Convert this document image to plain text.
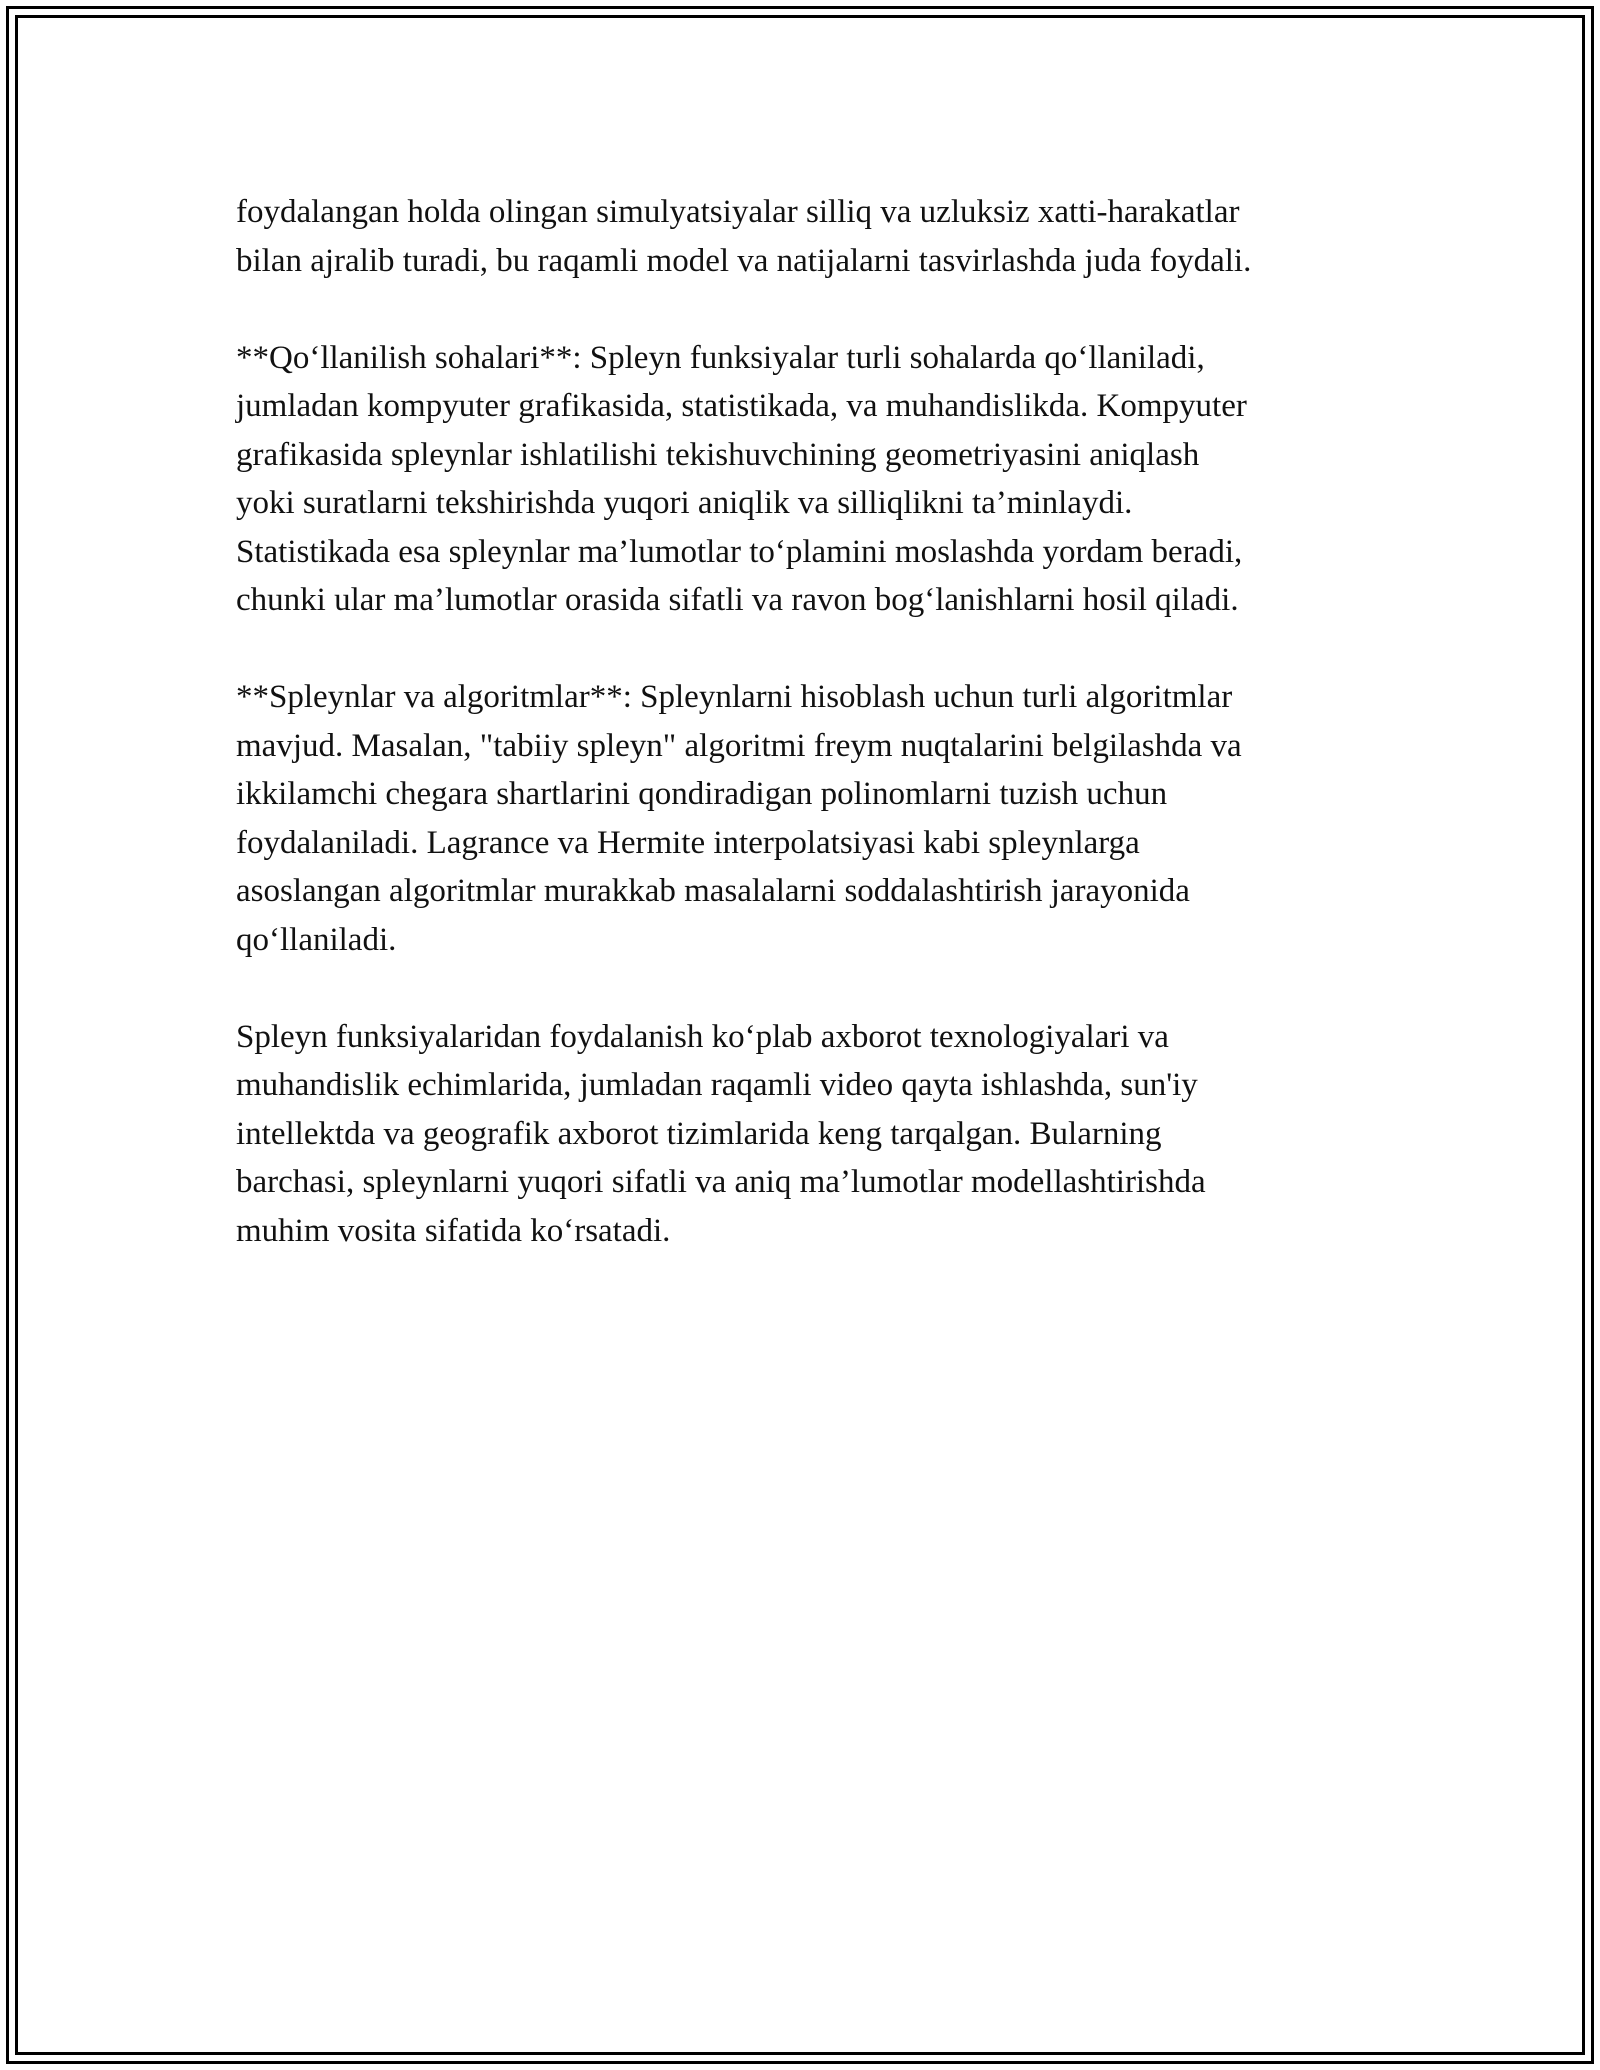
foydalangan holda olingan simulyatsiyalar silliq va uzluksiz xatti-harakatlar
bilan ajralib turadi, bu raqamli model va natijalarni tasvirlashda juda foydali.

**Qo‘llanilish sohalari**: Spleyn funksiyalar turli sohalarda qo‘llaniladi,
jumladan kompyuter grafikasida, statistikada, va muhandislikda. Kompyuter
grafikasida spleynlar ishlatilishi tekishuvchining geometriyasini aniqlash
yoki suratlarni tekshirishda yuqori aniqlik va silliqlikni ta’minlaydi.
Statistikada esa spleynlar ma’lumotlar to‘plamini moslashda yordam beradi,
chunki ular ma’lumotlar orasida sifatli va ravon bog‘lanishlarni hosil qiladi.

**Spleynlar va algoritmlar**: Spleynlarni hisoblash uchun turli algoritmlar
mavjud. Masalan, "tabiiy spleyn" algoritmi freym nuqtalarini belgilashda va
ikkilamchi chegara shartlarini qondiradigan polinomlarni tuzish uchun
foydalaniladi. Lagrance va Hermite interpolatsiyasi kabi spleynlarga
asoslangan algoritmlar murakkab masalalarni soddalashtirish jarayonida
qo‘llaniladi.

Spleyn funksiyalaridan foydalanish ko‘plab axborot texnologiyalari va
muhandislik echimlarida, jumladan raqamli video qayta ishlashda, sun'iy
intellektda va geografik axborot tizimlarida keng tarqalgan. Bularning
barchasi, spleynlarni yuqori sifatli va aniq ma’lumotlar modellashtirishda
muhim vosita sifatida ko‘rsatadi.
